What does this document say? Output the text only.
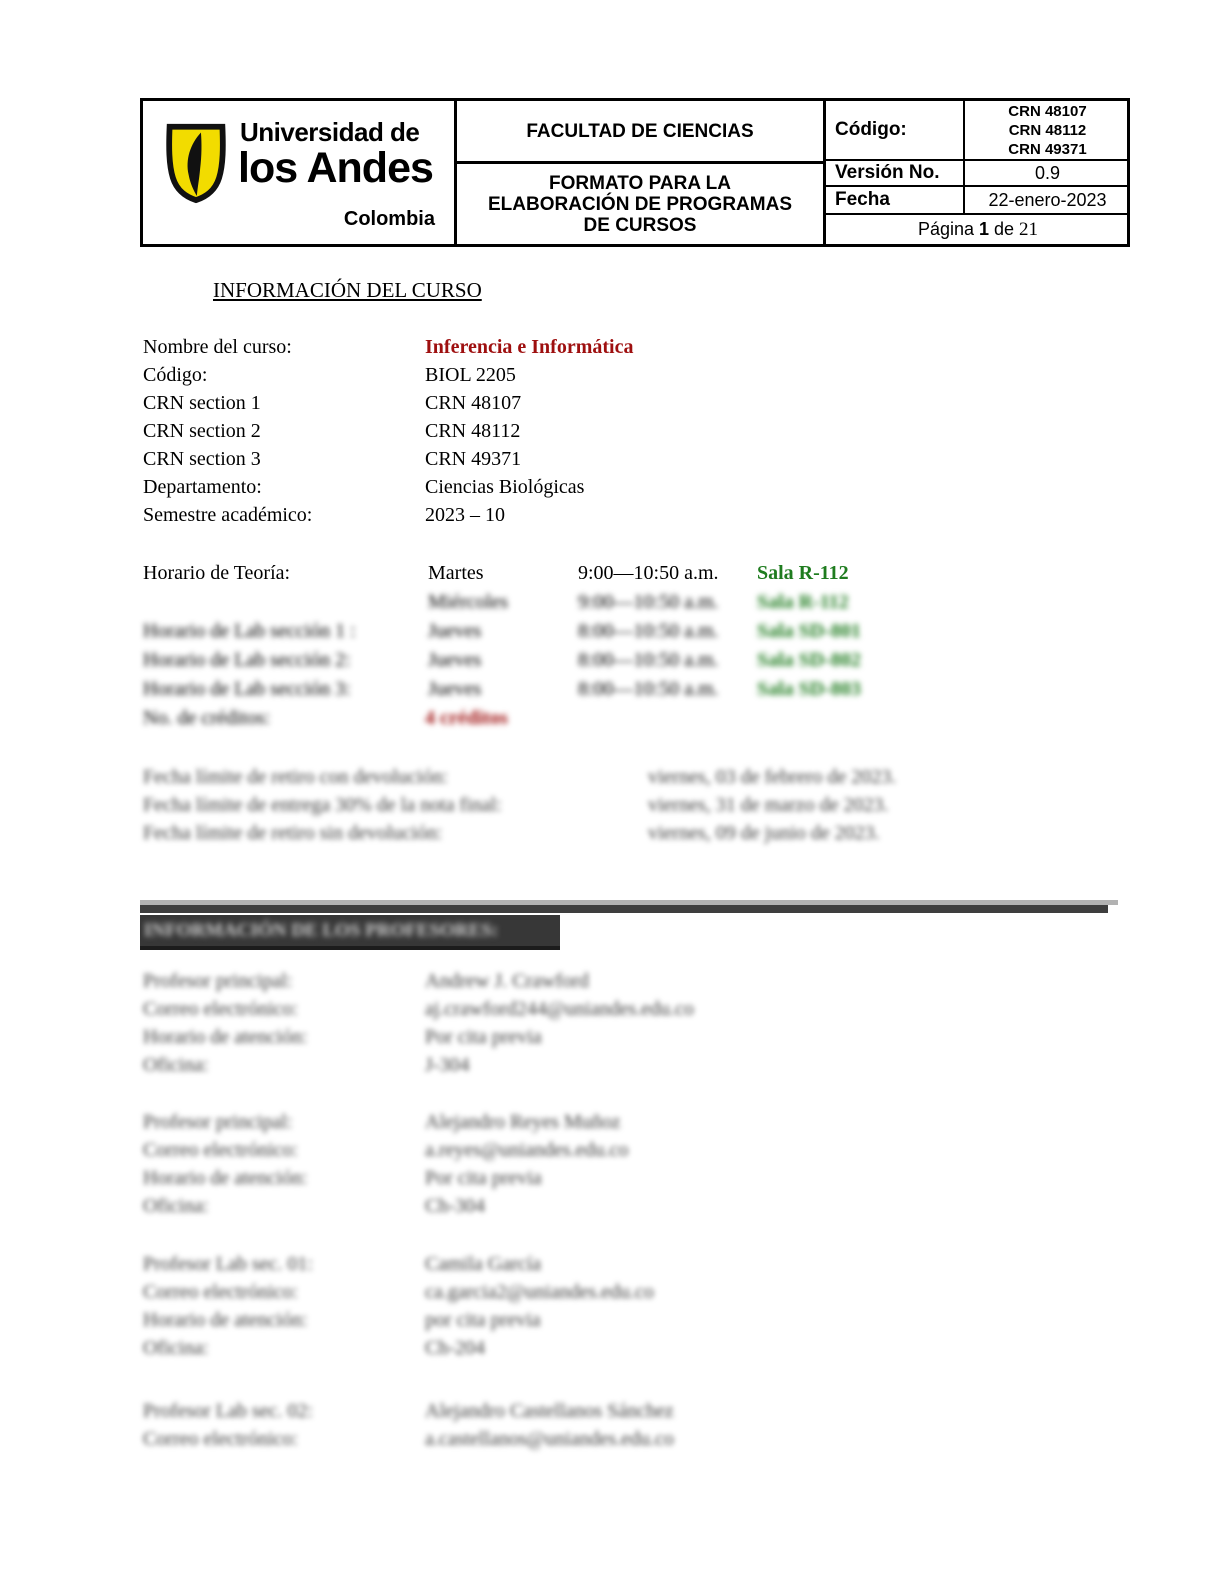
Universidad de
los Andes
Colombia
FACULTAD DE CIENCIAS
FORMATO PARA LA ELABORACIÓN DE PROGRAMAS DE CURSOS
Código:
CRN 48107
CRN 48112
CRN 49371
Versión No.	0.9
Fecha	22-enero-2023
Página 1 de 21
INFORMACIÓN DEL CURSO
Nombre del curso:	Inferencia e Informática
Código:	BIOL 2205
CRN section 1	CRN 48107
CRN section 2	CRN 48112
CRN section 3	CRN 49371
Departamento:	Ciencias Biológicas
Semestre académico:	2023 – 10
Horario de Teoría:	Martes	9:00—10:50 a.m. Sala R-112
Miércoles	9:00—10:50 a.m. Sala R-112
Horario de Lab sección 1 :	Jueves	8:00—10:50 a.m. Sala SD-801
Horario de Lab sección 2:	Jueves	8:00—10:50 a.m. Sala SD-802
Horario de Lab sección 3:	Jueves	8:00—10:50 a.m. Sala SD-803
No. de créditos:	4 créditos
Fecha límite de retiro con devolución:	viernes, 03 de febrero de 2023.
Fecha límite de entrega 30% de la nota final:	viernes, 31 de marzo de 2023.
Fecha límite de retiro sin devolución:	viernes, 09 de junio de 2023.
INFORMACIÓN DE LOS PROFESORES:
Profesor principal:	Andrew J. Crawford
Correo electrónico:	aj.crawford244@uniandes.edu.co
Horario de atención:	Por cita previa
Oficina:	J-304
Profesor principal:	Alejandro Reyes Muñoz
Correo electrónico:	a.reyes@uniandes.edu.co
Horario de atención:	Por cita previa
Oficina:	Ch-304
Profesor Lab sec. 01:	Camila García
Correo electrónico:	ca.garcia2@uniandes.edu.co
Horario de atención:	por cita previa
Oficina:	Ch-204
Profesor Lab sec. 02:	Alejandro Castellanos Sánchez
Correo electrónico:	a.castellanos@uniandes.edu.co
